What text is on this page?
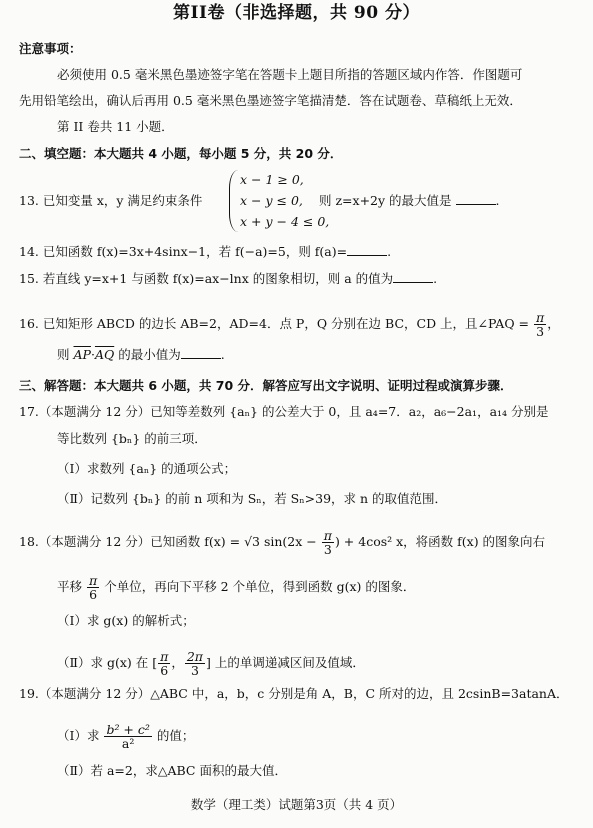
第II卷（非选择题，共 90 分）
注意事项：
必须使用 0.5 毫米黑色墨迹签字笔在答题卡上题目所指的答题区域内作答．作图题可
先用铅笔绘出，确认后再用 0.5 毫米黑色墨迹签字笔描清楚．答在试题卷、草稿纸上无效．
第 II 卷共 11 小题．
二、填空题：本大题共 4 小题，每小题 5 分，共 20 分．
13. 已知变量 x，y 满足约束条件
x − 1 ≥ 0,
x − y ≤ 0,
x + y − 4 ≤ 0,
则 z=x+2y 的最大值是	.
14. 已知函数 f(x)=3x+4sinx−1，若 f(−a)=5，则 f(a)=	.
15. 若直线 y=x+1 与函数 f(x)=ax−lnx 的图象相切，则 a 的值为	.
16. 已知矩形 ABCD 的边长 AB=2，AD=4．点 P，Q 分别在边 BC，CD 上，且∠PAQ = $\frac{\pi}{3}$ ，
则 $\overline{AP}\cdot\overline{AQ}$ 的最小值为	.
三、解答题：本大题共 6 小题，共 70 分．解答应写出文字说明、证明过程或演算步骤．
17.（本题满分 12 分）已知等差数列 {aₙ} 的公差大于 0，且 a₄=7．a₂，a₆−2a₁，a₁₄ 分别是
等比数列 {bₙ} 的前三项．
（Ⅰ）求数列 {aₙ} 的通项公式；
（Ⅱ）记数列 {bₙ} 的前 n 项和为 Sₙ，若 Sₙ>39，求 n 的取值范围．
18.（本题满分 12 分）已知函数 f(x) = √3 $\sin(2x - \frac{\pi}{3}$ ) + 4cos² x，将函数 f(x) 的图象向右
平移 $\frac{\pi}{6}$ 个单位，再向下平移 2 个单位，得到函数 g(x) 的图象．
（Ⅰ）求 g(x) 的解析式；
（Ⅱ）求 g(x) 在 [ $\frac{\pi}{6}$ ， $\frac{2\pi}{3}$ ] 上的单调递减区间及值域．
19.（本题满分 12 分）△ABC 中，a，b，c 分别是角 A，B，C 所对的边，且 2csinB=3atanA．
（Ⅰ）求 $\frac{\text{b² + c²}}{\text{a²}}$ 的值；
（Ⅱ）若 a=2，求△ABC 面积的最大值．
数学（理工类）试题第3页（共 4 页）
